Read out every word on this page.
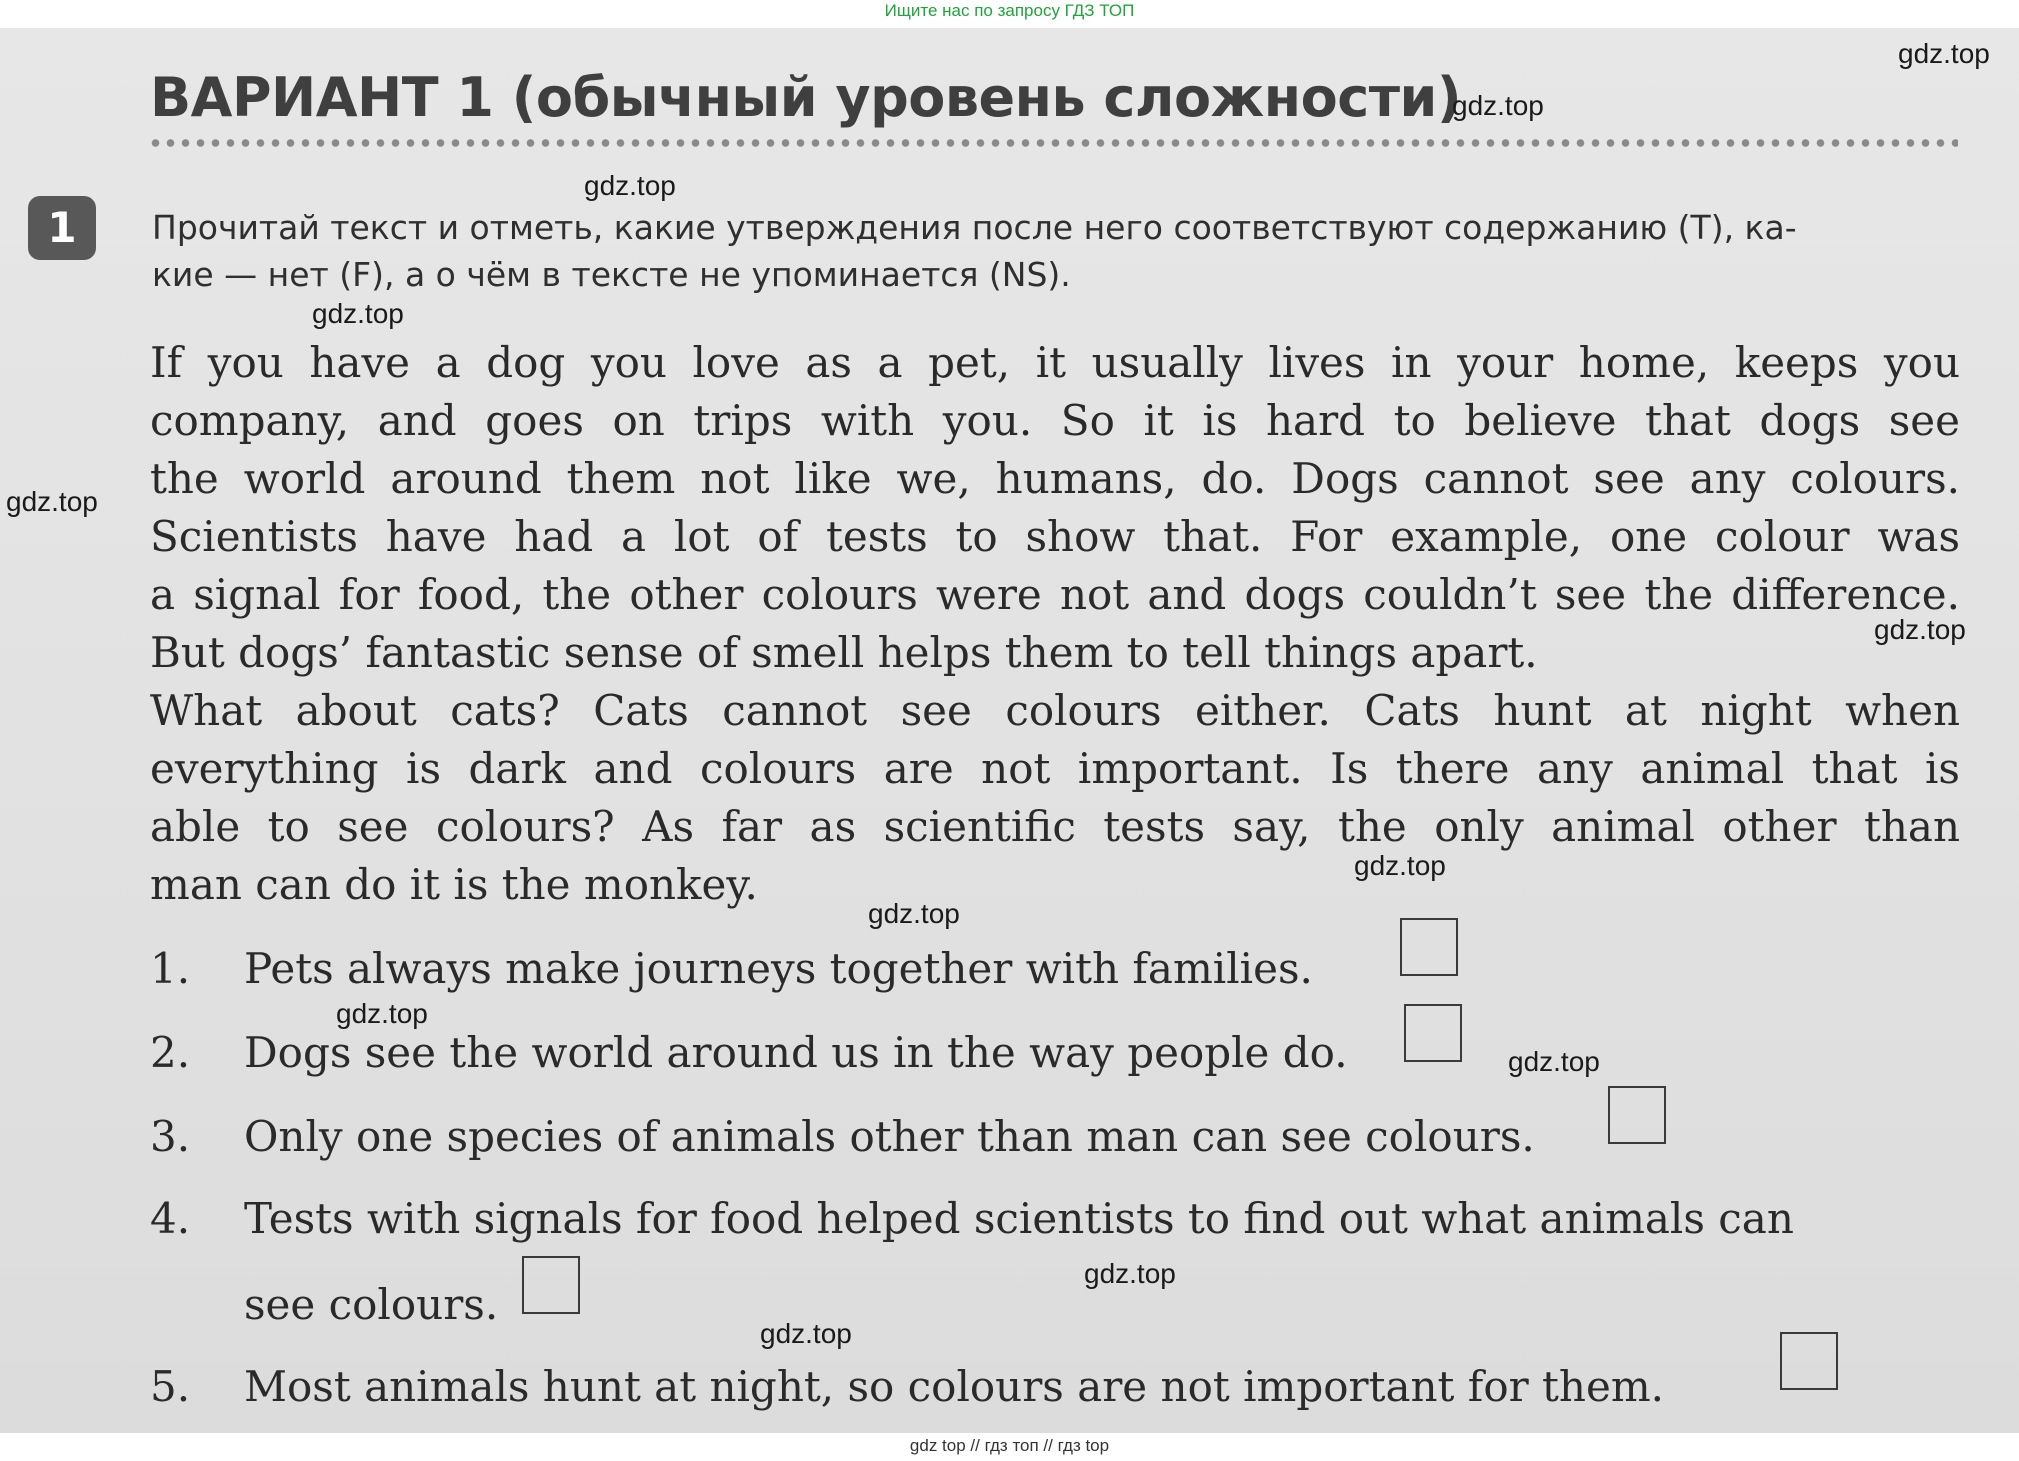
Ищите нас по запросу ГДЗ ТОП
ВАРИАНТ 1 (обычный уровень сложности)
1	Прочитай текст и отметь, какие утверждения после него соответствуют содержанию (T), ка-
кие — нет (F), а о чём в тексте не упоминается (NS).
If you have a dog you love as a pet, it usually lives in your home, keeps you
company, and goes on trips with you. So it is hard to believe that dogs see
the world around them not like we, humans, do. Dogs cannot see any colours.
Scientists have had a lot of tests to show that. For example, one colour was
a signal for food, the other colours were not and dogs couldn’t see the difference.
But dogs’ fantastic sense of smell helps them to tell things apart.
What about cats? Cats cannot see colours either. Cats hunt at night when
everything is dark and colours are not important. Is there any animal that is
able to see colours? As far as scientific tests say, the only animal other than
man can do it is the monkey.
1. Pets always make journeys together with families.
2. Dogs see the world around us in the way people do.
3. Only one species of animals other than man can see colours.
4. Tests with signals for food helped scientists to find out what animals can
see colours.
5. Most animals hunt at night, so colours are not important for them.
gdz.top
gdz.top
gdz.top
gdz.top
gdz.top
gdz.top
gdz.top
gdz.top
gdz.top
gdz.top
gdz.top
gdz.top
gdz top // гдз топ // гдз top
